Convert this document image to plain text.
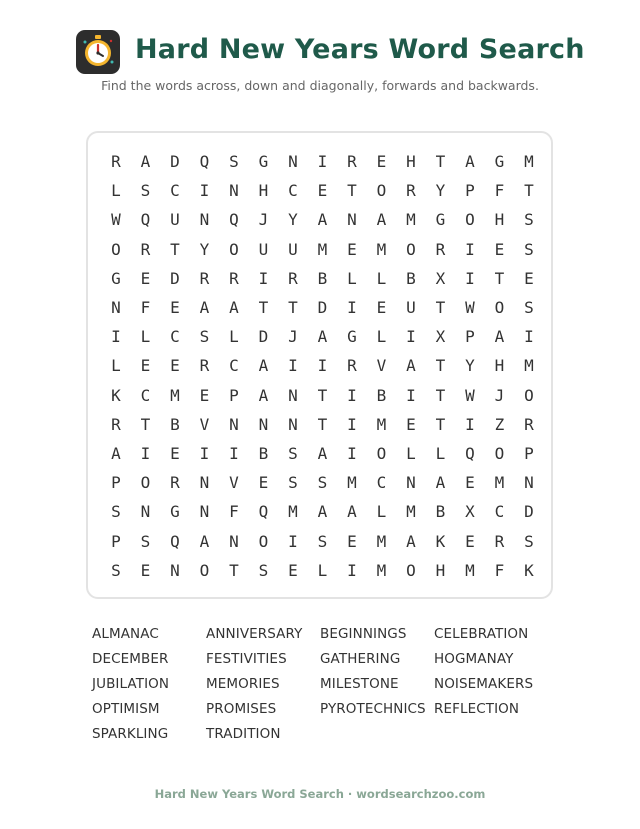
Hard New Years Word Search
Find the words across, down and diagonally, forwards and backwards.
R	A	D	Q	S	G	N	I	R	E	H	T	A	G	M
L	S	C	I	N	H	C	E	T	O	R	Y	P	F	T
W	Q	U	N	Q	J	Y	A	N	A	M	G	O	H	S
O	R	T	Y	O	U	U	M	E	M	O	R	I	E	S
G	E	D	R	R	I	R	B	L	L	B	X	I	T	E
N	F	E	A	A	T	T	D	I	E	U	T	W	O	S
I	L	C	S	L	D	J	A	G	L	I	X	P	A	I
L	E	E	R	C	A	I	I	R	V	A	T	Y	H	M
K	C	M	E	P	A	N	T	I	B	I	T	W	J	O
R	T	B	V	N	N	N	T	I	M	E	T	I	Z	R
A	I	E	I	I	B	S	A	I	O	L	L	Q	O	P
P	O	R	N	V	E	S	S	M	C	N	A	E	M	N
S	N	G	N	F	Q	M	A	A	L	M	B	X	C	D
P	S	Q	A	N	O	I	S	E	M	A	K	E	R	S
S	E	N	O	T	S	E	L	I	M	O	H	M	F	K
ALMANAC	ANNIVERSARY BEGINNINGS CELEBRATION
DECEMBER	FESTIVITIES GATHERING HOGMANAY
JUBILATION	MEMORIES	MILESTONE	NOISEMAKERS
OPTIMISM	PROMISES	PYROTECHNICS REFLECTION
SPARKLING	TRADITION
Hard New Years Word Search · wordsearchzoo.com
